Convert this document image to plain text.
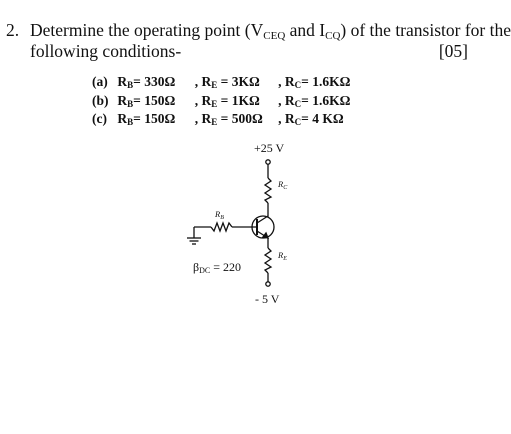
2. Determine the operating point ($V_{CEQ}$ and $I_{CQ}$) of the transistor for the
following conditions-	[05]
(a) $R_B= 330\Omega$ , $R_E = 3K\Omega$ , $R_C= 1.6K\Omega$
(b) $R_B= 150\Omega$ , $R_E = 1K\Omega$ , $R_C= 1.6K\Omega$
(c) $R_B= 150\Omega$ , $R_E = 500\Omega$ , $R_C= 4$ KΩ
+25 V
$R_C$
$R_B$
$R_E$
βDC = 220
- 5 V
